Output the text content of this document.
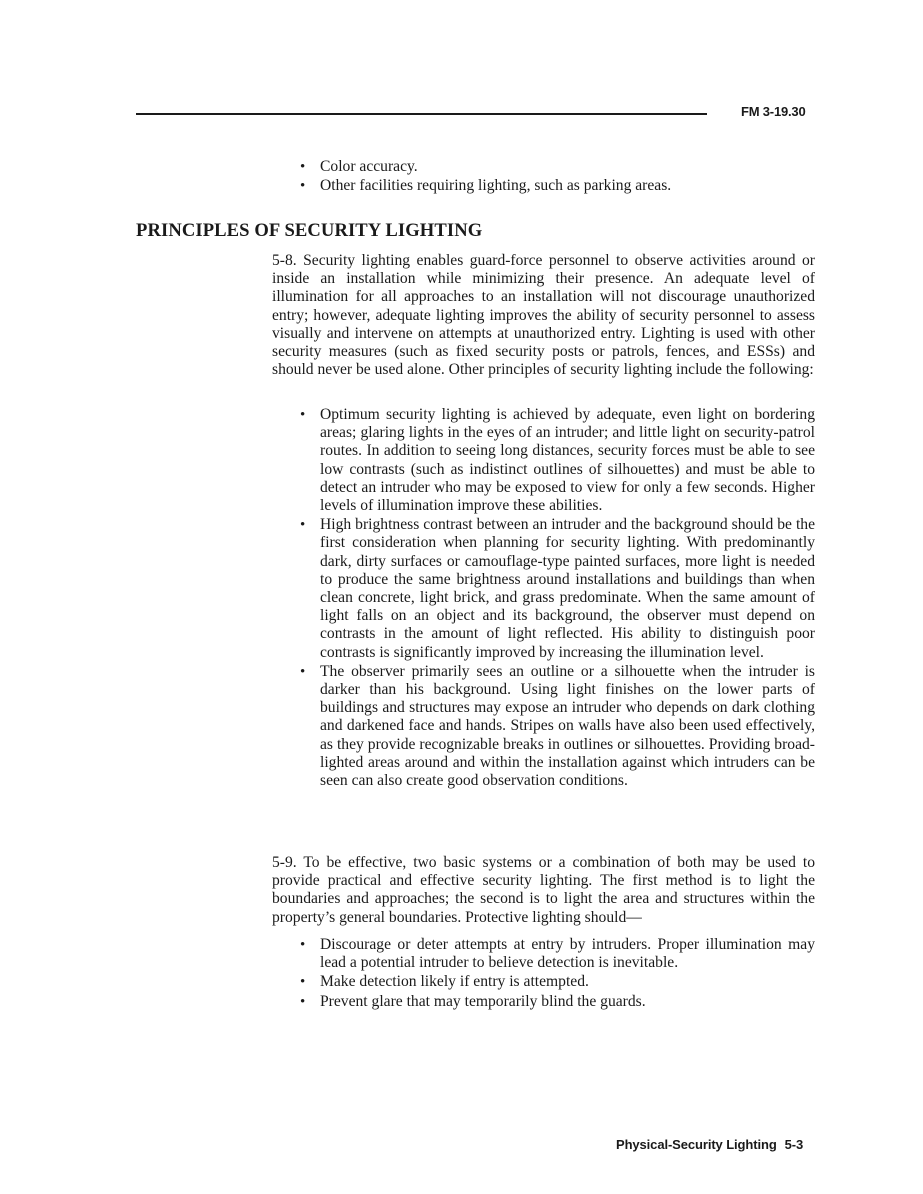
FM 3-19.30
• Color accuracy.
• Other facilities requiring lighting, such as parking areas.
PRINCIPLES OF SECURITY LIGHTING

5-8. Security lighting enables guard-force personnel to observe activities around or inside an installation while minimizing their presence. An adequate level of illumination for all approaches to an installation will not discourage unauthorized entry; however, adequate lighting improves the ability of security personnel to assess visually and intervene on attempts at unauthorized entry. Lighting is used with other security measures (such as fixed security posts or patrols, fences, and ESSs) and should never be used alone. Other principles of security lighting include the following:

• Optimum security lighting is achieved by adequate, even light on bordering areas; glaring lights in the eyes of an intruder; and little light on security-patrol routes. In addition to seeing long distances, security forces must be able to see low contrasts (such as indistinct outlines of silhouettes) and must be able to detect an intruder who may be exposed to view for only a few seconds. Higher levels of illumination improve these abilities.
• High brightness contrast between an intruder and the background should be the first consideration when planning for security lighting. With predominantly dark, dirty surfaces or camouflage-type painted surfaces, more light is needed to produce the same brightness around installations and buildings than when clean concrete, light brick, and grass predominate. When the same amount of light falls on an object and its background, the observer must depend on contrasts in the amount of light reflected. His ability to distinguish poor contrasts is significantly improved by increasing the illumination level.
• The observer primarily sees an outline or a silhouette when the intruder is darker than his background. Using light finishes on the lower parts of buildings and structures may expose an intruder who depends on dark clothing and darkened face and hands. Stripes on walls have also been used effectively, as they provide recognizable breaks in outlines or silhouettes. Providing broad-lighted areas around and within the installation against which intruders can be seen can also create good observation conditions.

5-9. To be effective, two basic systems or a combination of both may be used to provide practical and effective security lighting. The first method is to light the boundaries and approaches; the second is to light the area and structures within the property’s general boundaries. Protective lighting should—

• Discourage or deter attempts at entry by intruders. Proper illumination may lead a potential intruder to believe detection is inevitable.
• Make detection likely if entry is attempted.
• Prevent glare that may temporarily blind the guards.
Physical-Security Lighting 5-3
